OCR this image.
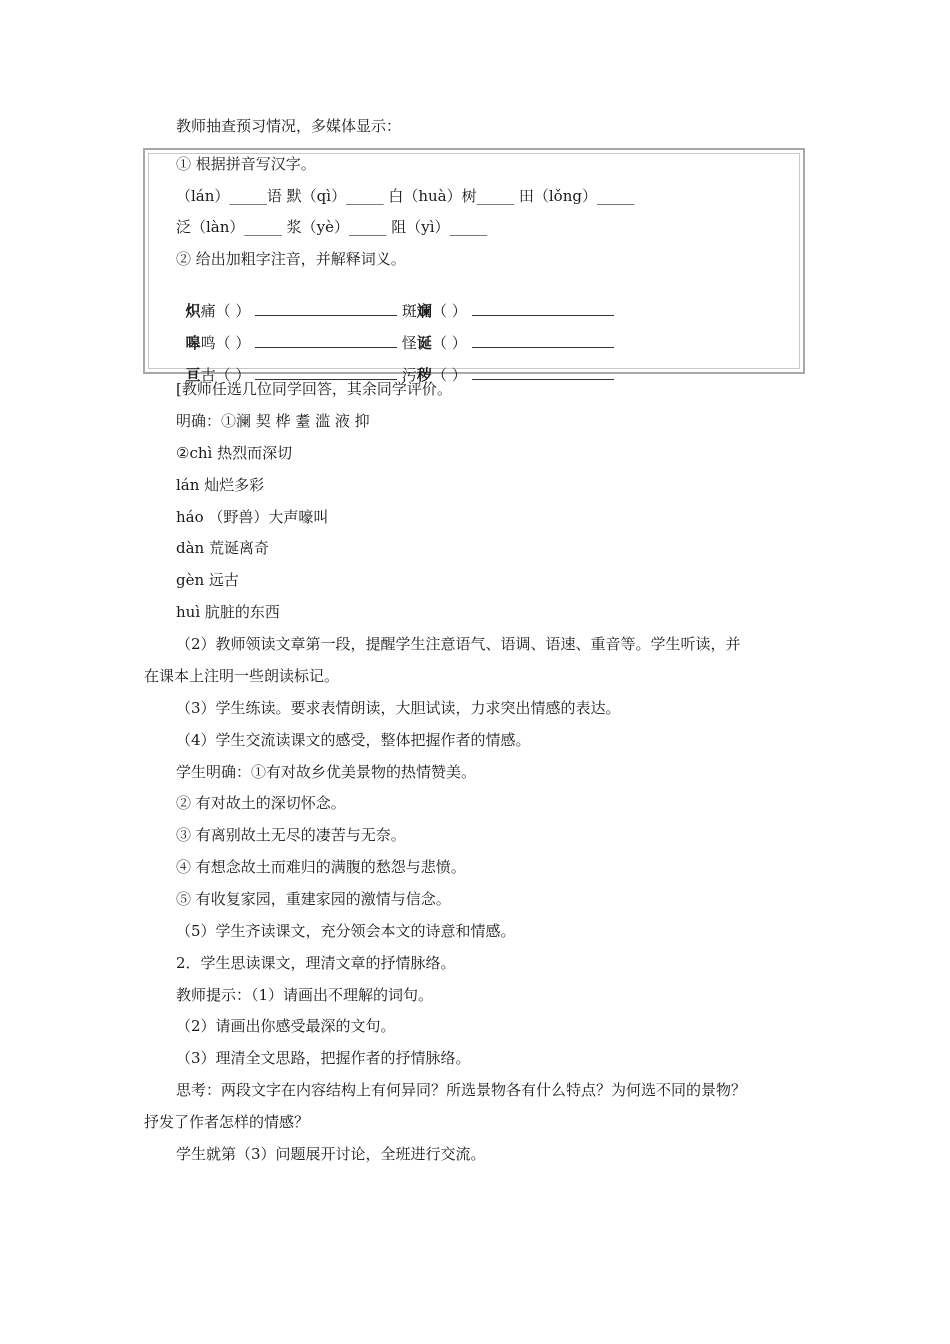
教师抽查预习情况，多媒体显示：
① 根据拼音写汉字。
（lán）_____语 默（qì）_____ 白（huà）树_____ 田（lǒng）_____
泛（làn）_____ 浆（yè）_____ 阻（yì）_____
② 给出加粗字注音，并解释词义。

炽痛（ ）	斑斓（ ）

嗥鸣（ ）	怪诞（ ）

亘古（ ）	污秽（ ）

[教师任选几位同学回答，其余同学评价。
明确：①澜 契 桦 耋 滥 液 抑
②chì 热烈而深切
lán 灿烂多彩
háo （野兽）大声嚎叫
dàn 荒诞离奇
gèn 远古
huì 肮脏的东西
（2）教师领读文章第一段，提醒学生注意语气、语调、语速、重音等。学生听读，并
在课本上注明一些朗读标记。
（3）学生练读。要求表情朗读，大胆试读，力求突出情感的表达。
（4）学生交流读课文的感受，整体把握作者的情感。
学生明确：①有对故乡优美景物的热情赞美。
② 有对故土的深切怀念。
③ 有离别故土无尽的凄苦与无奈。
④ 有想念故土而难归的满腹的愁怨与悲愤。
⑤ 有收复家园，重建家园的激情与信念。
（5）学生齐读课文，充分领会本文的诗意和情感。
2．学生思读课文，理清文章的抒情脉络。
教师提示：（1）请画出不理解的词句。
（2）请画出你感受最深的文句。
（3）理清全文思路，把握作者的抒情脉络。
思考：两段文字在内容结构上有何异同？所选景物各有什么特点？为何选不同的景物？
抒发了作者怎样的情感？
学生就第（3）问题展开讨论，全班进行交流。
